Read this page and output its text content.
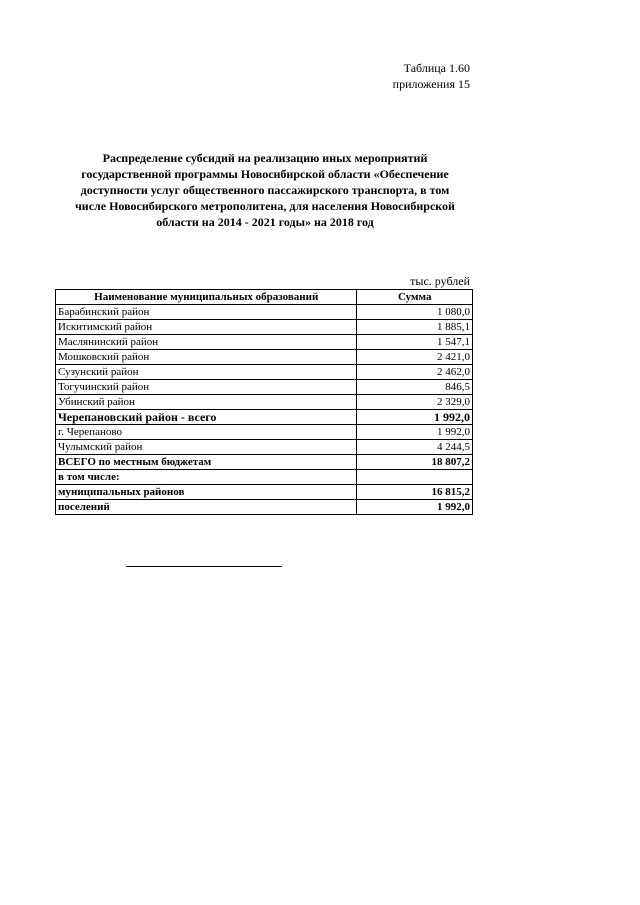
Таблица 1.60
приложения 15
Распределение субсидий на реализацию иных мероприятий
государственной программы Новосибирской области «Обеспечение
доступности услуг общественного пассажирского транспорта, в том
числе Новосибирского метрополитена, для населения Новосибирской
области на 2014 - 2021 годы» на 2018 год
тыс. рублей
Наименование муниципальных образований	Сумма
Барабинский район	1 080,0
Искитимский район	1 885,1
Маслянинский район	1 547,1
Мошковский район	2 421,0
Сузунский район	2 462,0
Тогучинский район	846,5
Убинский район	2 329,0
Черепановский район - всего	1 992,0
г. Черепаново	1 992,0
Чулымский район	4 244,5
ВСЕГО по местным бюджетам	18 807,2
в том числе:	
муниципальных районов	16 815,2
поселений	1 992,0
